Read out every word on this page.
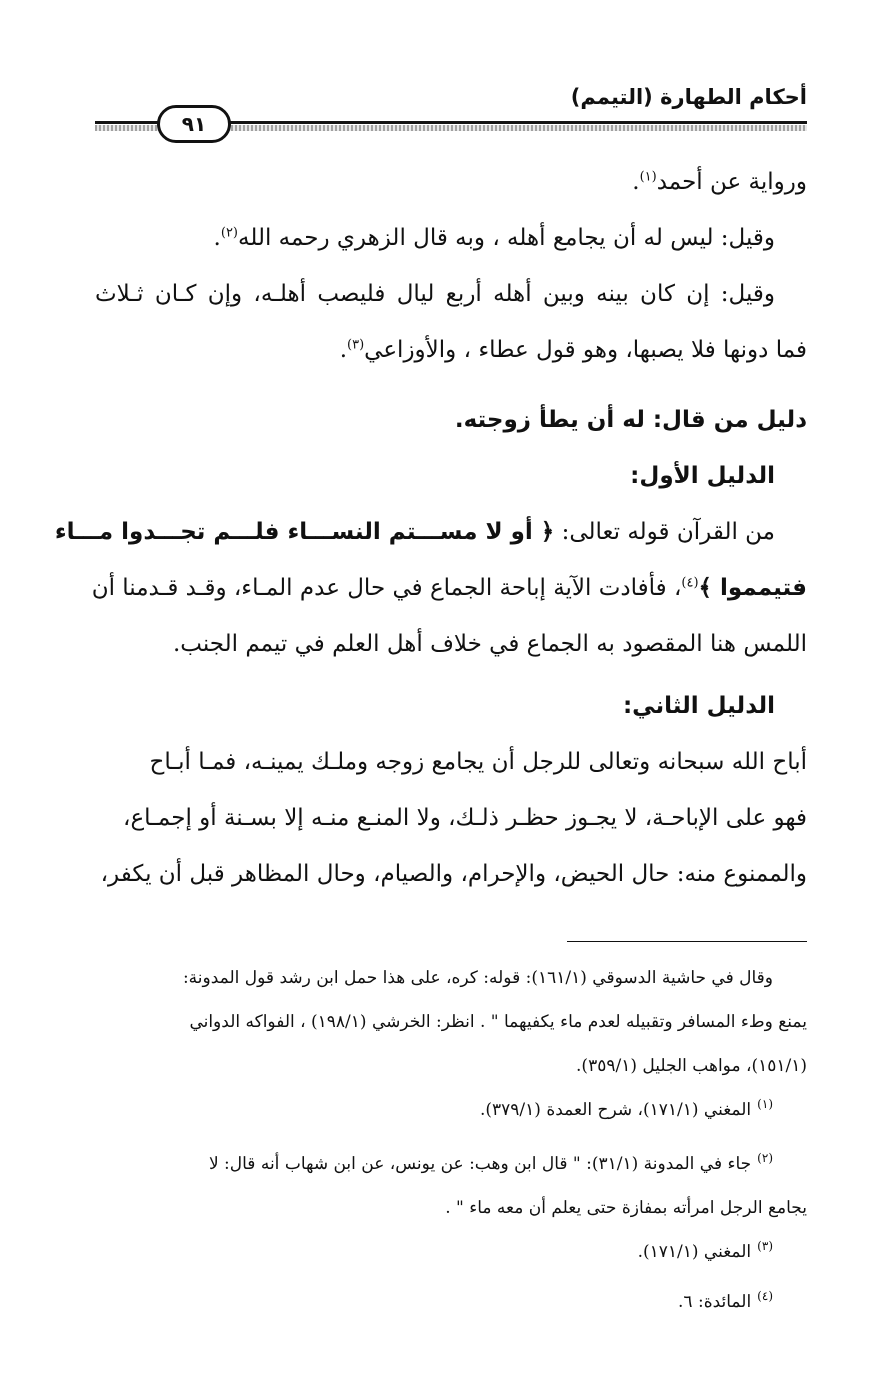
أحكام الطهارة (التيمم)
٩١
ورواية عن أحمد$^{(١)}$.
وقيل: ليس له أن يجامع أهله ، وبه قال الزهري رحمه الله$^{(٢)}$.
وقيل: إن كان بينه وبين أهله أربع ليال فليصب أهلـه، وإن كـان ثـلاث
فما دونها فلا يصبها، وهو قول عطاء ، والأوزاعي$^{(٣)}$.
دليل من قال: له أن يطأ زوجته.
الدليل الأول:
من القرآن قوله تعالى: ﴿ أو لا مســـتم النســـاء فلـــم تجـــدوا مـــاء
فتيمموا ﴾$^{(٤)}$، فأفادت الآية إباحة الجماع في حال عدم المـاء، وقـد قـدمنا أن
اللمس هنا المقصود به الجماع في خلاف أهل العلم في تيمم الجنب.
الدليل الثاني:
أباح الله سبحانه وتعالى للرجل أن يجامع زوجه وملـك يمينـه، فمـا أبـاح
فهو على الإباحـة، لا يجـوز حظـر ذلـك، ولا المنـع منـه إلا بسـنة أو إجمـاع،
والممنوع منه: حال الحيض، والإحرام، والصيام، وحال المظاهر قبل أن يكفر،
وقال في حاشية الدسوقي (١٦١/١): قوله: كره، على هذا حمل ابن رشد قول المدونة:
يمنع وطء المسافر وتقبيله لعدم ماء يكفيهما " . انظر: الخرشي (١٩٨/١) ، الفواكه الدواني
(١٥١/١)، مواهب الجليل (٣٥٩/١).
$^{(١)}$المغني (١٧١/١)، شرح العمدة (٣٧٩/١).
$^{(٢)}$جاء في المدونة (٣١/١): " قال ابن وهب: عن يونس، عن ابن شهاب أنه قال: لا
يجامع الرجل امرأته بمفازة حتى يعلم أن معه ماء " .
$^{(٣)}$المغني (١٧١/١).
$^{(٤)}$المائدة: ٦.
